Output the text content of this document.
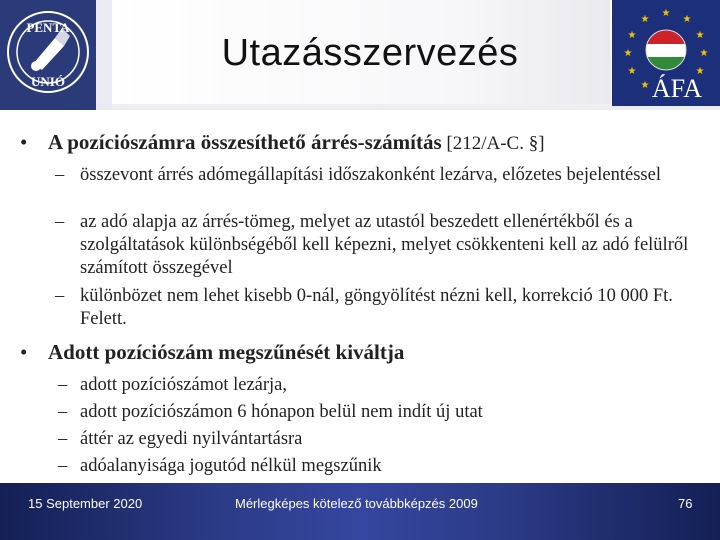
PENTA
UNIÓ
Utazásszervezés
★
★
★
★
★
★
★
★
★
★ ÁFA
• A pozíciószámra összesíthető árrés-számítás [212/A-C. §]
– összevont árrés adómegállapítási időszakonként lezárva, előzetes bejelentéssel
– az adó alapja az árrés-tömeg, melyet az utastól beszedett ellenértékből és a szolgáltatások különbségéből kell képezni, melyet csökkenteni kell az adó felülről számított összegével
– különbözet nem lehet kisebb 0-nál, göngyölítést nézni kell, korrekció 10 000 Ft. Felett.
• Adott pozíciószám megszűnését kiváltja
– adott pozíciószámot lezárja,
– adott pozíciószámon 6 hónapon belül nem indít új utat
– áttér az egyedi nyilvántartásra
– adóalanyisága jogutód nélkül megszűnik
15 September 2020	Mérlegképes kötelező továbbképzés 2009	76
